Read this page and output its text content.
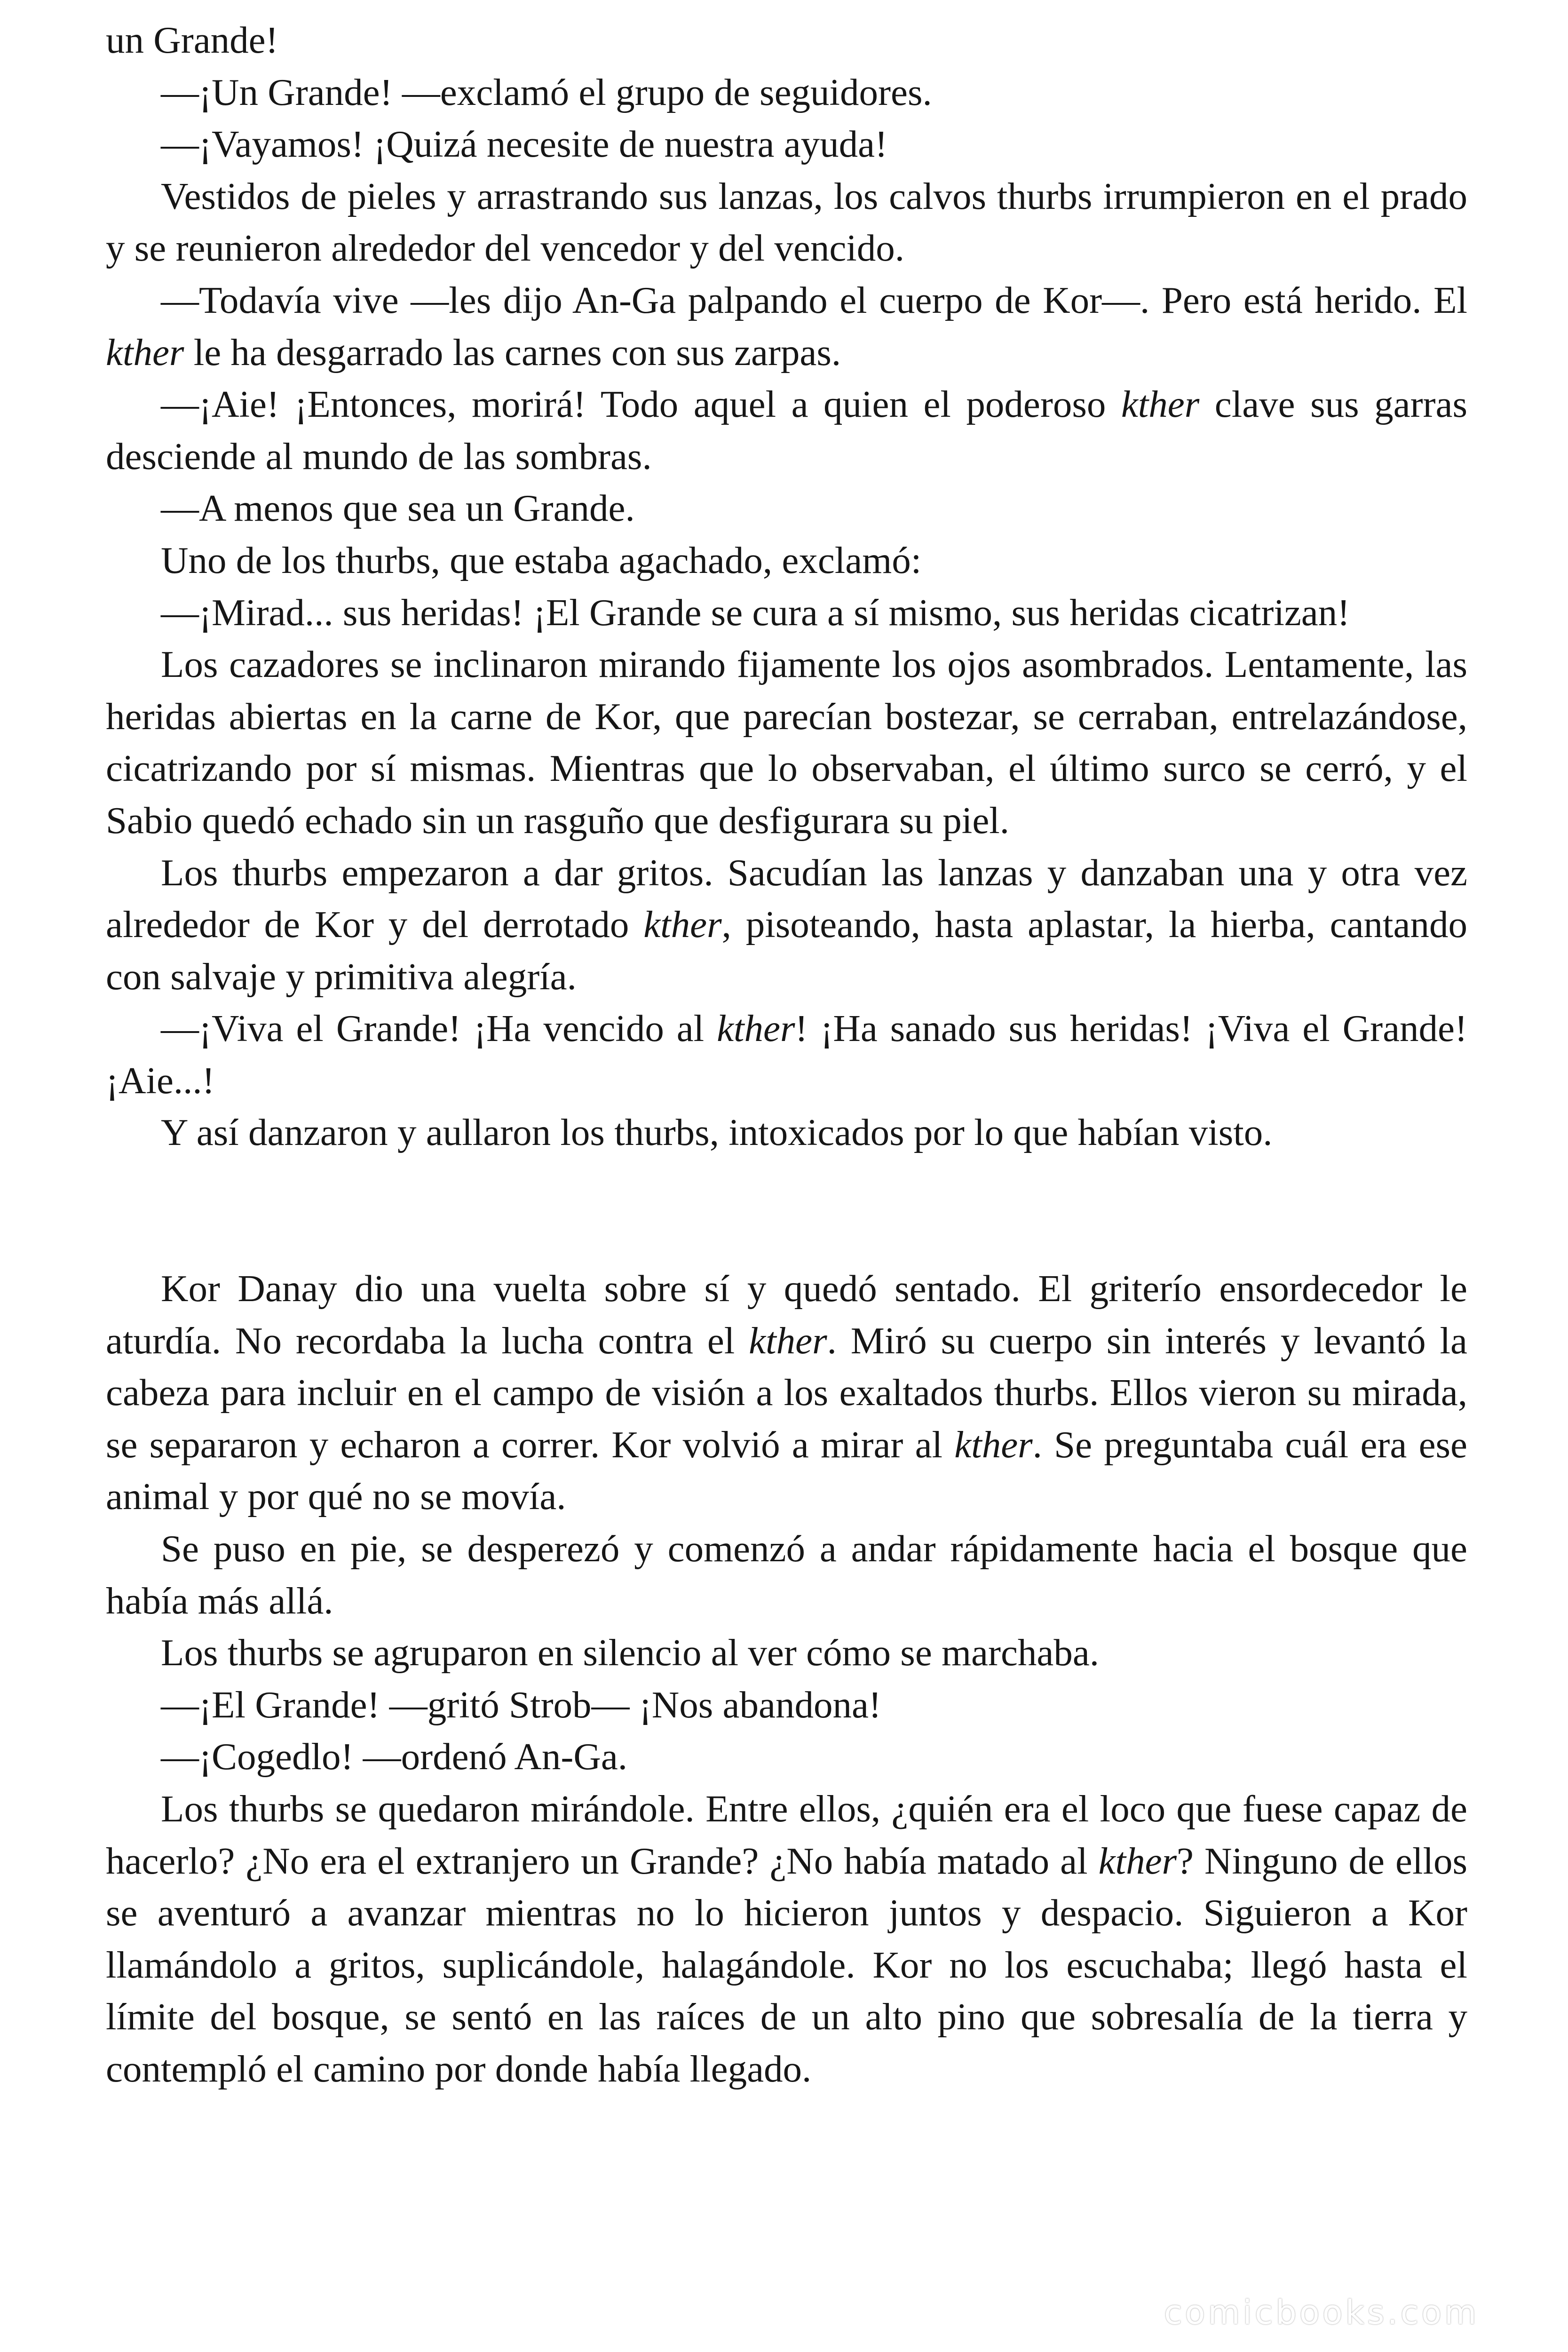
un Grande!

—¡Un Grande! —exclamó el grupo de seguidores.

—¡Vayamos! ¡Quizá necesite de nuestra ayuda!

Vestidos de pieles y arrastrando sus lanzas, los calvos thurbs irrumpieron en el prado y se reunieron alrededor del vencedor y del vencido.

—Todavía vive —les dijo An-Ga palpando el cuerpo de Kor—. Pero está herido. El kther le ha desgarrado las carnes con sus zarpas.

—¡Aie! ¡Entonces, morirá! Todo aquel a quien el poderoso kther clave sus garras desciende al mundo de las sombras.

—A menos que sea un Grande.

Uno de los thurbs, que estaba agachado, exclamó:

—¡Mirad... sus heridas! ¡El Grande se cura a sí mismo, sus heridas cicatrizan!

Los cazadores se inclinaron mirando fijamente los ojos asombrados. Lentamente, las heridas abiertas en la carne de Kor, que parecían bostezar, se cerraban, entrelazándose, cicatrizando por sí mismas. Mientras que lo observaban, el último surco se cerró, y el Sabio quedó echado sin un rasguño que desfigurara su piel.

Los thurbs empezaron a dar gritos. Sacudían las lanzas y danzaban una y otra vez alrededor de Kor y del derrotado kther, pisoteando, hasta aplastar, la hierba, cantando con salvaje y primitiva alegría.

—¡Viva el Grande! ¡Ha vencido al kther! ¡Ha sanado sus heridas! ¡Viva el Grande! ¡Aie...!

Y así danzaron y aullaron los thurbs, intoxicados por lo que habían visto.

Kor Danay dio una vuelta sobre sí y quedó sentado. El griterío ensordecedor le aturdía. No recordaba la lucha contra el kther. Miró su cuerpo sin interés y levantó la cabeza para incluir en el campo de visión a los exaltados thurbs. Ellos vieron su mirada, se separaron y echaron a correr. Kor volvió a mirar al kther. Se preguntaba cuál era ese animal y por qué no se movía.

Se puso en pie, se desperezó y comenzó a andar rápidamente hacia el bosque que había más allá.

Los thurbs se agruparon en silencio al ver cómo se marchaba.

—¡El Grande! —gritó Strob— ¡Nos abandona!

—¡Cogedlo! —ordenó An-Ga.

Los thurbs se quedaron mirándole. Entre ellos, ¿quién era el loco que fuese capaz de hacerlo? ¿No era el extranjero un Grande? ¿No había matado al kther? Ninguno de ellos se aventuró a avanzar mientras no lo hicieron juntos y despacio. Siguieron a Kor llamándolo a gritos, suplicándole, halagándole. Kor no los escuchaba; llegó hasta el límite del bosque, se sentó en las raíces de un alto pino que sobresalía de la tierra y contempló el camino por donde había llegado.

comicbooks.com
